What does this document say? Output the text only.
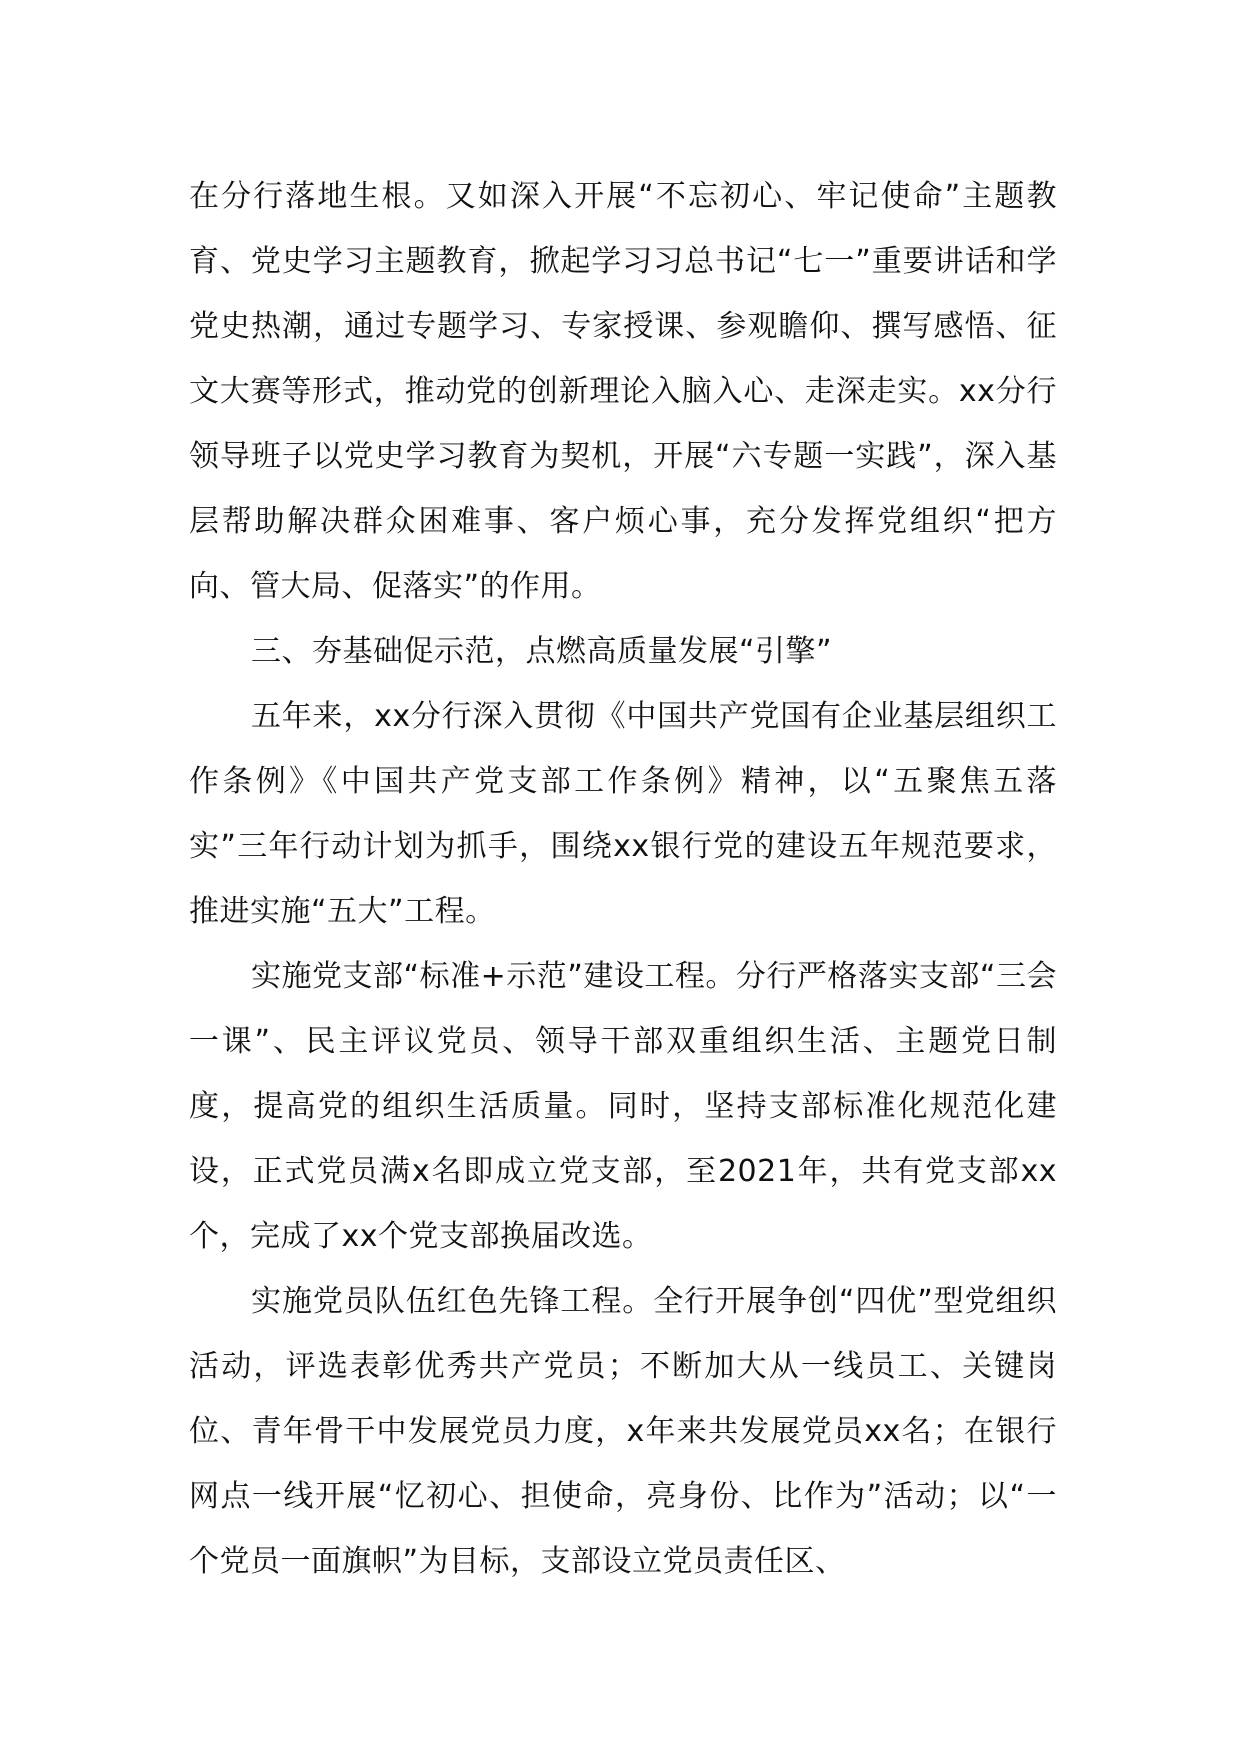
在分行落地生根。又如深入开展“不忘初心、牢记使命”主题教育、党史学习主题教育，掀起学习习总书记“七一”重要讲话和学党史热潮，通过专题学习、专家授课、参观瞻仰、撰写感悟、征文大赛等形式，推动党的创新理论入脑入心、走深走实。xx分行领导班子以党史学习教育为契机，开展“六专题一实践”，深入基层帮助解决群众困难事、客户烦心事，充分发挥党组织“把方向、管大局、促落实”的作用。

三、夯基础促示范，点燃高质量发展“引擎”

五年来，xx分行深入贯彻《中国共产党国有企业基层组织工作条例》《中国共产党支部工作条例》精神，以“五聚焦五落实”三年行动计划为抓手，围绕xx银行党的建设五年规范要求，推进实施“五大”工程。

实施党支部“标准+示范”建设工程。分行严格落实支部“三会一课”、民主评议党员、领导干部双重组织生活、主题党日制度，提高党的组织生活质量。同时，坚持支部标准化规范化建设，正式党员满x名即成立党支部，至2021年，共有党支部xx个，完成了xx个党支部换届改选。

实施党员队伍红色先锋工程。全行开展争创“四优”型党组织活动，评选表彰优秀共产党员；不断加大从一线员工、关键岗位、青年骨干中发展党员力度，x年来共发展党员xx名；在银行网点一线开展“忆初心、担使命，亮身份、比作为”活动；以“一个党员一面旗帜”为目标，支部设立党员责任区、
